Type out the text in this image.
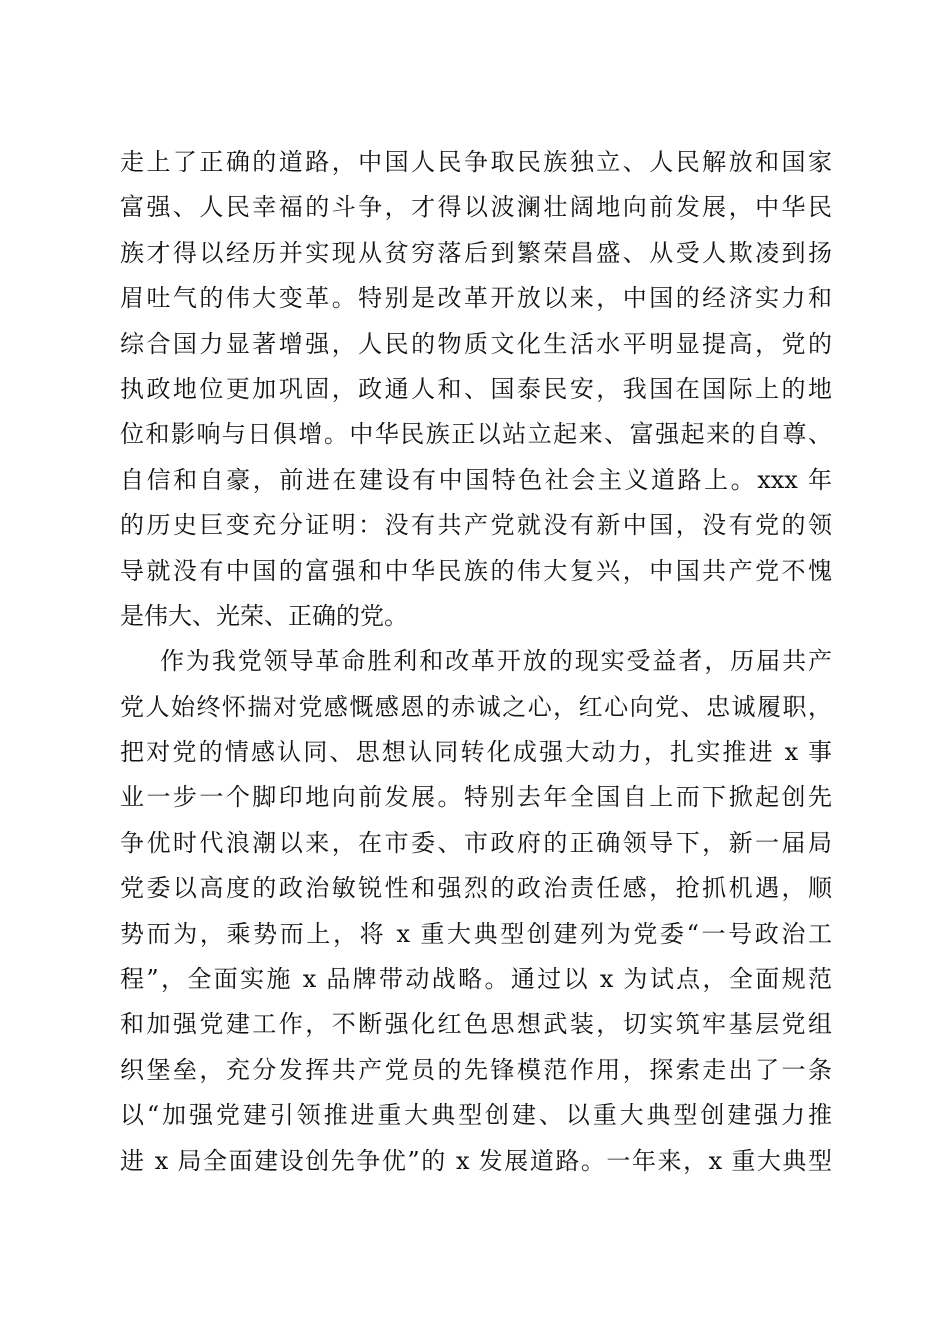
走上了正确的道路，中国人民争取民族独立、人民解放和国家
富强、人民幸福的斗争，才得以波澜壮阔地向前发展，中华民
族才得以经历并实现从贫穷落后到繁荣昌盛、从受人欺凌到扬
眉吐气的伟大变革。特别是改革开放以来，中国的经济实力和
综合国力显著增强，人民的物质文化生活水平明显提高，党的
执政地位更加巩固，政通人和、国泰民安，我国在国际上的地
位和影响与日俱增。中华民族正以站立起来、富强起来的自尊、
自信和自豪，前进在建设有中国特色社会主义道路上。xxx 年
的历史巨变充分证明：没有共产党就没有新中国，没有党的领
导就没有中国的富强和中华民族的伟大复兴，中国共产党不愧
是伟大、光荣、正确的党。
作为我党领导革命胜利和改革开放的现实受益者，历届共产
党人始终怀揣对党感慨感恩的赤诚之心，红心向党、忠诚履职，
把对党的情感认同、思想认同转化成强大动力，扎实推进 x 事
业一步一个脚印地向前发展。特别去年全国自上而下掀起创先
争优时代浪潮以来，在市委、市政府的正确领导下，新一届局
党委以高度的政治敏锐性和强烈的政治责任感，抢抓机遇，顺
势而为，乘势而上，将 x 重大典型创建列为党委“一号政治工
程”，全面实施 x 品牌带动战略。通过以 x 为试点，全面规范
和加强党建工作，不断强化红色思想武装，切实筑牢基层党组
织堡垒，充分发挥共产党员的先锋模范作用，探索走出了一条
以“加强党建引领推进重大典型创建、以重大典型创建强力推
进 x 局全面建设创先争优”的 x 发展道路。一年来，x 重大典型
